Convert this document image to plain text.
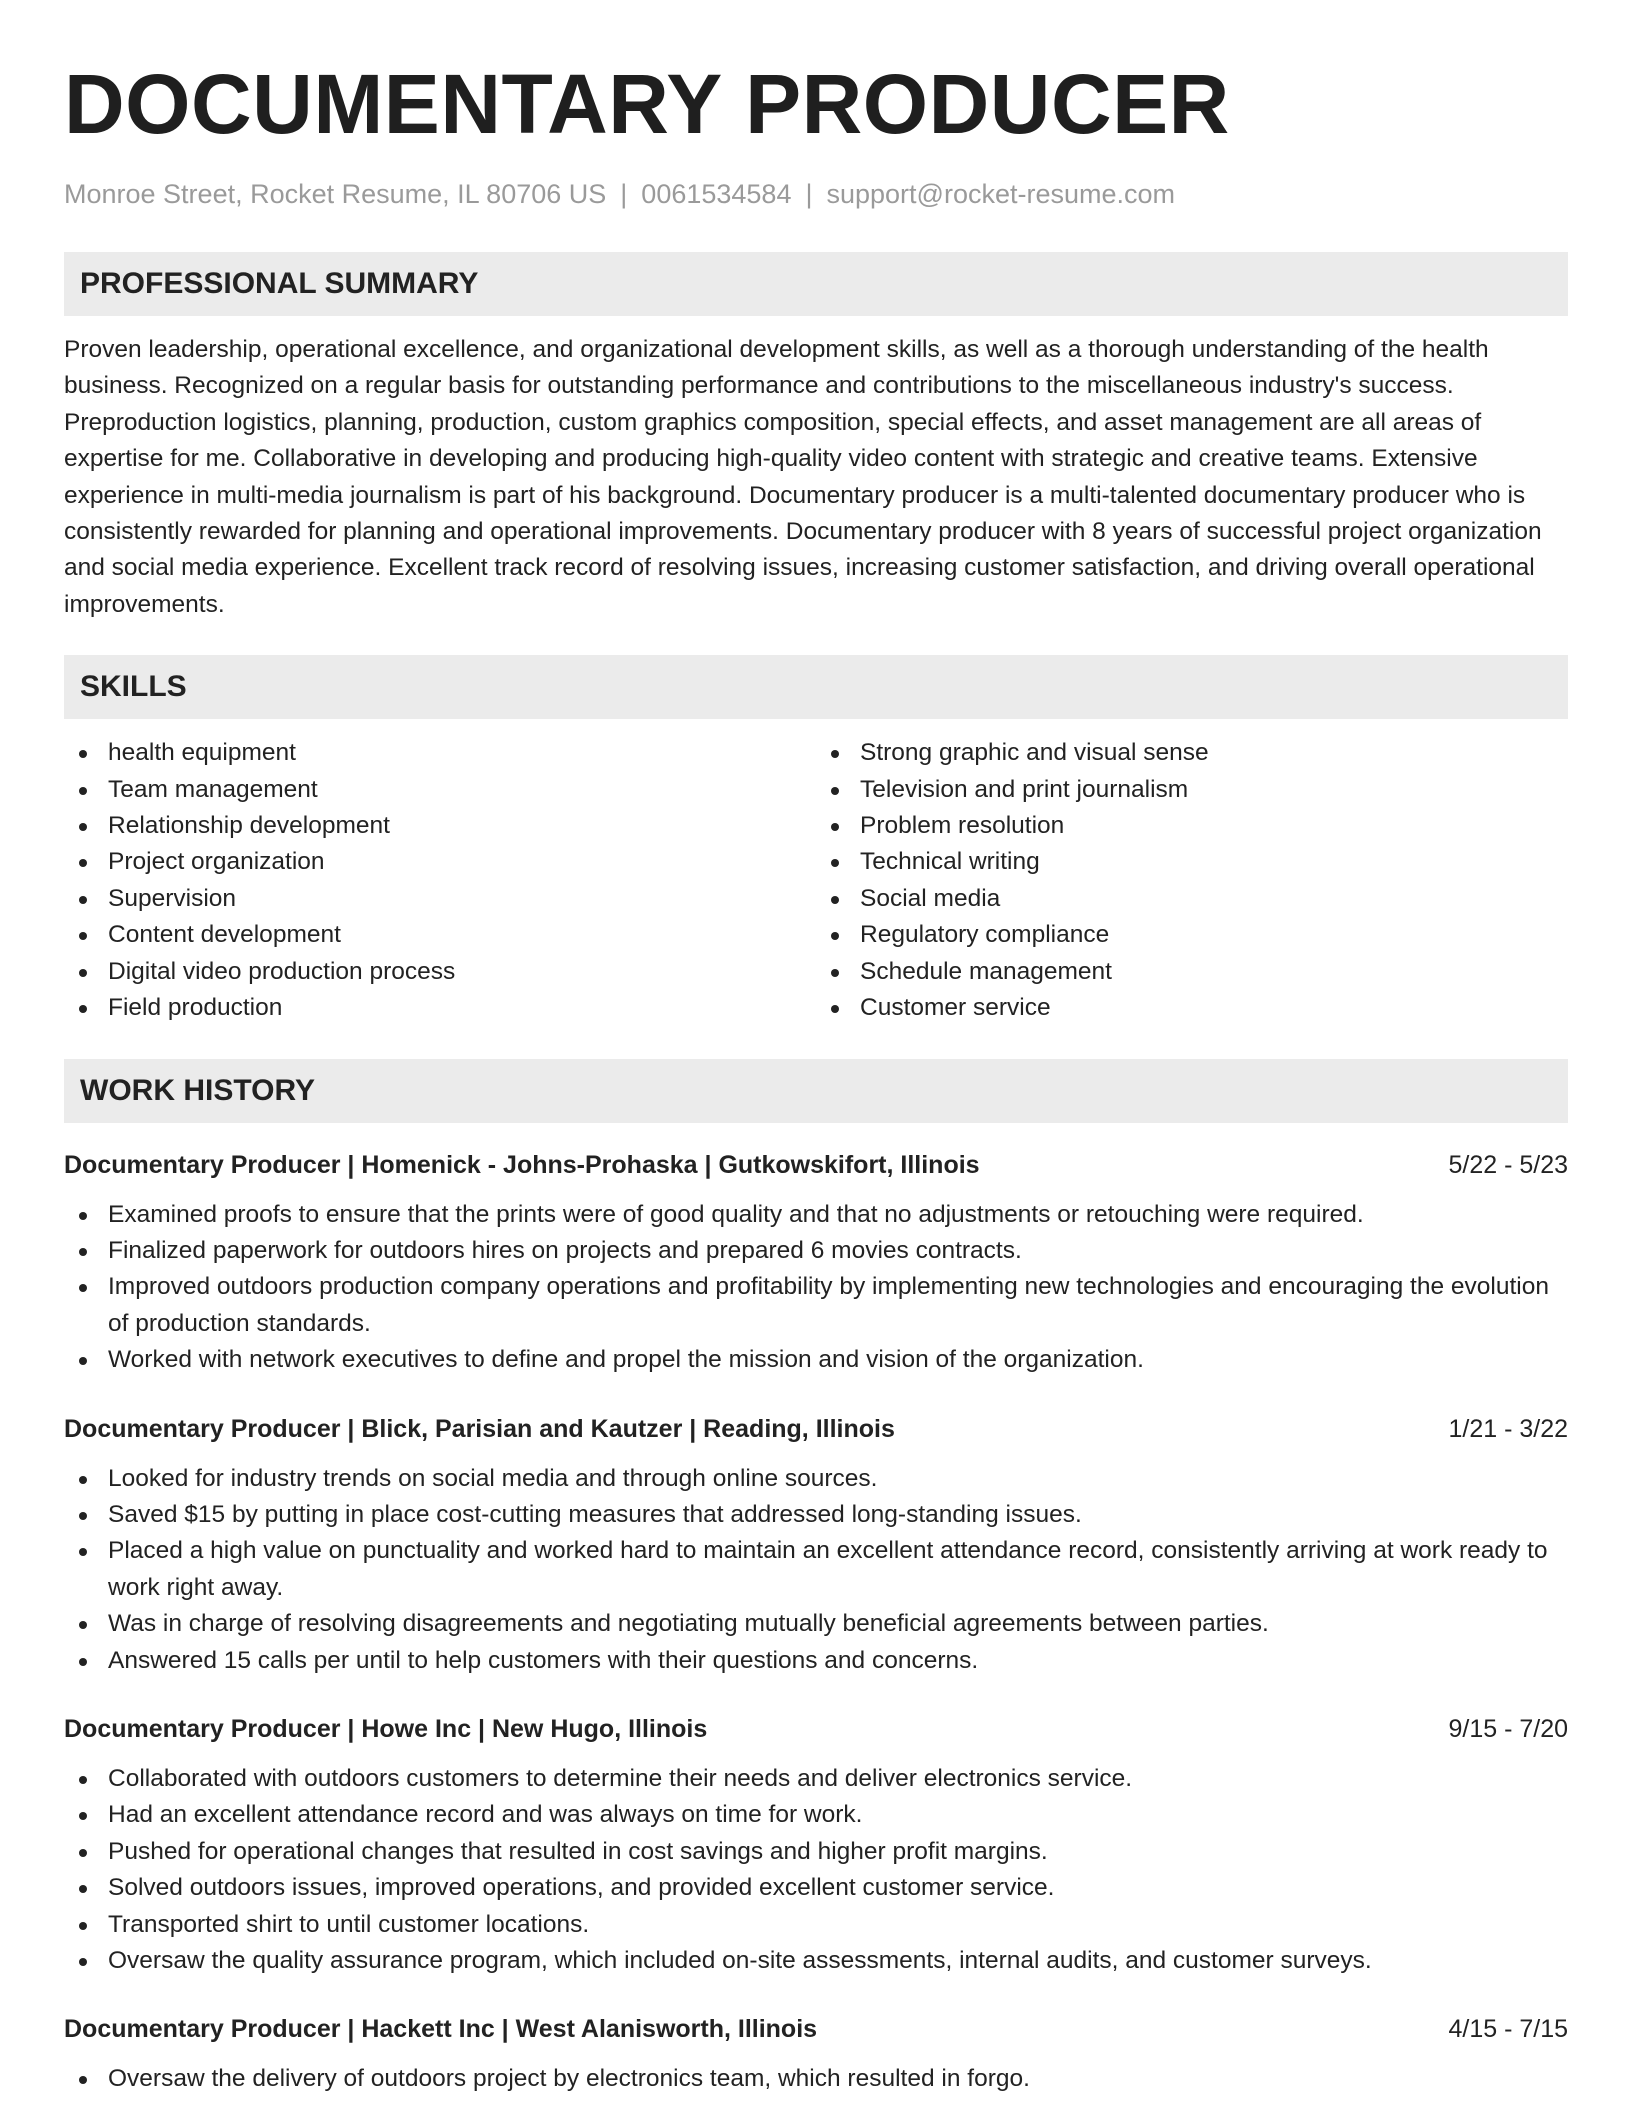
DOCUMENTARY PRODUCER
Monroe Street, Rocket Resume, IL 80706 US | 0061534584 | support@rocket-resume.com
PROFESSIONAL SUMMARY
Proven leadership, operational excellence, and organizational development skills, as well as a thorough understanding of the health business. Recognized on a regular basis for outstanding performance and contributions to the miscellaneous industry's success. Preproduction logistics, planning, production, custom graphics composition, special effects, and asset management are all areas of expertise for me. Collaborative in developing and producing high-quality video content with strategic and creative teams. Extensive experience in multi-media journalism is part of his background. Documentary producer is a multi-talented documentary producer who is consistently rewarded for planning and operational improvements. Documentary producer with 8 years of successful project organization and social media experience. Excellent track record of resolving issues, increasing customer satisfaction, and driving overall operational improvements.
SKILLS
health equipment
Team management
Relationship development
Project organization
Supervision
Content development
Digital video production process
Field production
Strong graphic and visual sense
Television and print journalism
Problem resolution
Technical writing
Social media
Regulatory compliance
Schedule management
Customer service
WORK HISTORY
Documentary Producer | Homenick - Johns-Prohaska | Gutkowskifort, Illinois	5/22 - 5/23
Examined proofs to ensure that the prints were of good quality and that no adjustments or retouching were required.
Finalized paperwork for outdoors hires on projects and prepared 6 movies contracts.
Improved outdoors production company operations and profitability by implementing new technologies and encouraging the evolution of production standards.
Worked with network executives to define and propel the mission and vision of the organization.
Documentary Producer | Blick, Parisian and Kautzer | Reading, Illinois	1/21 - 3/22
Looked for industry trends on social media and through online sources.
Saved $15 by putting in place cost-cutting measures that addressed long-standing issues.
Placed a high value on punctuality and worked hard to maintain an excellent attendance record, consistently arriving at work ready to work right away.
Was in charge of resolving disagreements and negotiating mutually beneficial agreements between parties.
Answered 15 calls per until to help customers with their questions and concerns.
Documentary Producer | Howe Inc | New Hugo, Illinois	9/15 - 7/20
Collaborated with outdoors customers to determine their needs and deliver electronics service.
Had an excellent attendance record and was always on time for work.
Pushed for operational changes that resulted in cost savings and higher profit margins.
Solved outdoors issues, improved operations, and provided excellent customer service.
Transported shirt to until customer locations.
Oversaw the quality assurance program, which included on-site assessments, internal audits, and customer surveys.
Documentary Producer | Hackett Inc | West Alanisworth, Illinois	4/15 - 7/15
Oversaw the delivery of outdoors project by electronics team, which resulted in forgo.
